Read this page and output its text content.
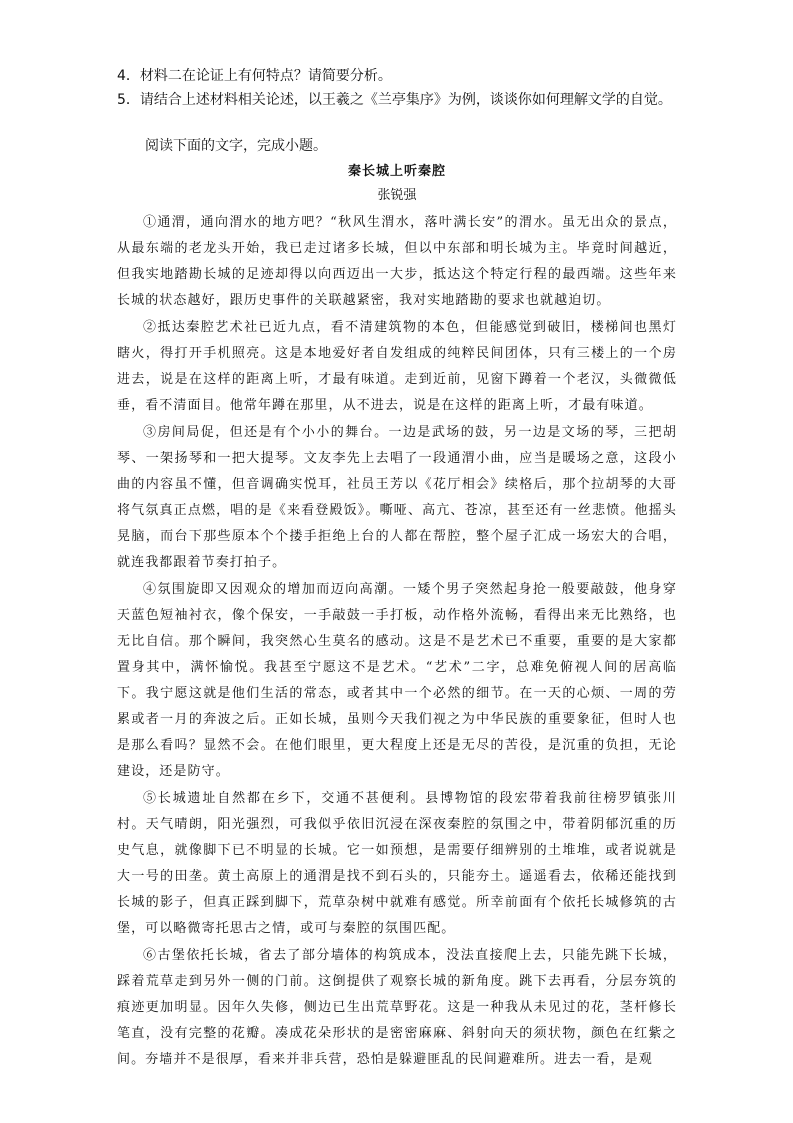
4．材料二在论证上有何特点？请简要分析。
5．请结合上述材料相关论述，以王羲之《兰亭集序》为例，谈谈你如何理解文学的自觉。
阅读下面的文字，完成小题。
秦长城上听秦腔
张锐强

①通渭，通向渭水的地方吧？“秋风生渭水，落叶满长安”的渭水。虽无出众的景点，从最东端的老龙头开始，我已走过诸多长城，但以中东部和明长城为主。毕竟时间越近，但我实地踏勘长城的足迹却得以向西迈出一大步，抵达这个特定行程的最西端。这些年来长城的状态越好，跟历史事件的关联越紧密，我对实地踏勘的要求也就越迫切。

②抵达秦腔艺术社已近九点，看不清建筑物的本色，但能感觉到破旧，楼梯间也黑灯瞎火，得打开手机照亮。这是本地爱好者自发组成的纯粹民间团体，只有三楼上的一个房进去，说是在这样的距离上听，才最有味道。走到近前，见窗下蹲着一个老汉，头微微低垂，看不清面目。他常年蹲在那里，从不进去，说是在这样的距离上听，才最有味道。

③房间局促，但还是有个小小的舞台。一边是武场的鼓，另一边是文场的琴，三把胡琴、一架扬琴和一把大提琴。文友李先上去唱了一段通渭小曲，应当是暖场之意，这段小曲的内容虽不懂，但音调确实悦耳，社员王芳以《花厅相会》续格后，那个拉胡琴的大哥将气氛真正点燃，唱的是《来看登殿饭》。嘶哑、高亢、苍凉，甚至还有一丝悲愤。他摇头晃脑，而台下那些原本个个搂手拒绝上台的人都在帮腔，整个屋子汇成一场宏大的合唱，就连我都跟着节奏打拍子。

④氛围旋即又因观众的增加而迈向高潮。一矮个男子突然起身抢一般要敲鼓，他身穿天蓝色短袖衬衣，像个保安，一手敲鼓一手打板，动作格外流畅，看得出来无比熟络，也无比自信。那个瞬间，我突然心生莫名的感动。这是不是艺术已不重要，重要的是大家都置身其中，满怀愉悦。我甚至宁愿这不是艺术。“艺术”二字，总难免俯视人间的居高临下。我宁愿这就是他们生活的常态，或者其中一个必然的细节。在一天的心烦、一周的劳累或者一月的奔波之后。正如长城，虽则今天我们视之为中华民族的重要象征，但时人也是那么看吗？显然不会。在他们眼里，更大程度上还是无尽的苦役，是沉重的负担，无论建设，还是防守。

⑤长城遗址自然都在乡下，交通不甚便利。县博物馆的段宏带着我前往榜罗镇张川村。天气晴朗，阳光强烈，可我似乎依旧沉浸在深夜秦腔的氛围之中，带着阴郁沉重的历史气息，就像脚下已不明显的长城。它一如预想，是需要仔细辨别的土堆堆，或者说就是大一号的田垄。黄土高原上的通渭是找不到石头的，只能夯土。遥遥看去，依稀还能找到长城的影子，但真正踩到脚下，荒草杂树中就难有感觉。所幸前面有个依托长城修筑的古堡，可以略微寄托思古之情，或可与秦腔的氛围匹配。

⑥古堡依托长城，省去了部分墙体的构筑成本，没法直接爬上去，只能先跳下长城，踩着荒草走到另外一侧的门前。这倒提供了观察长城的新角度。跳下去再看，分层夯筑的痕迹更加明显。因年久失修，侧边已生出荒草野花。这是一种我从未见过的花，茎杆修长笔直，没有完整的花瓣。凑成花朵形状的是密密麻麻、斜射向天的须状物，颜色在红紫之间。夯墙并不是很厚，看来并非兵营，恐怕是躲避匪乱的民间避难所。进去一看，是观
